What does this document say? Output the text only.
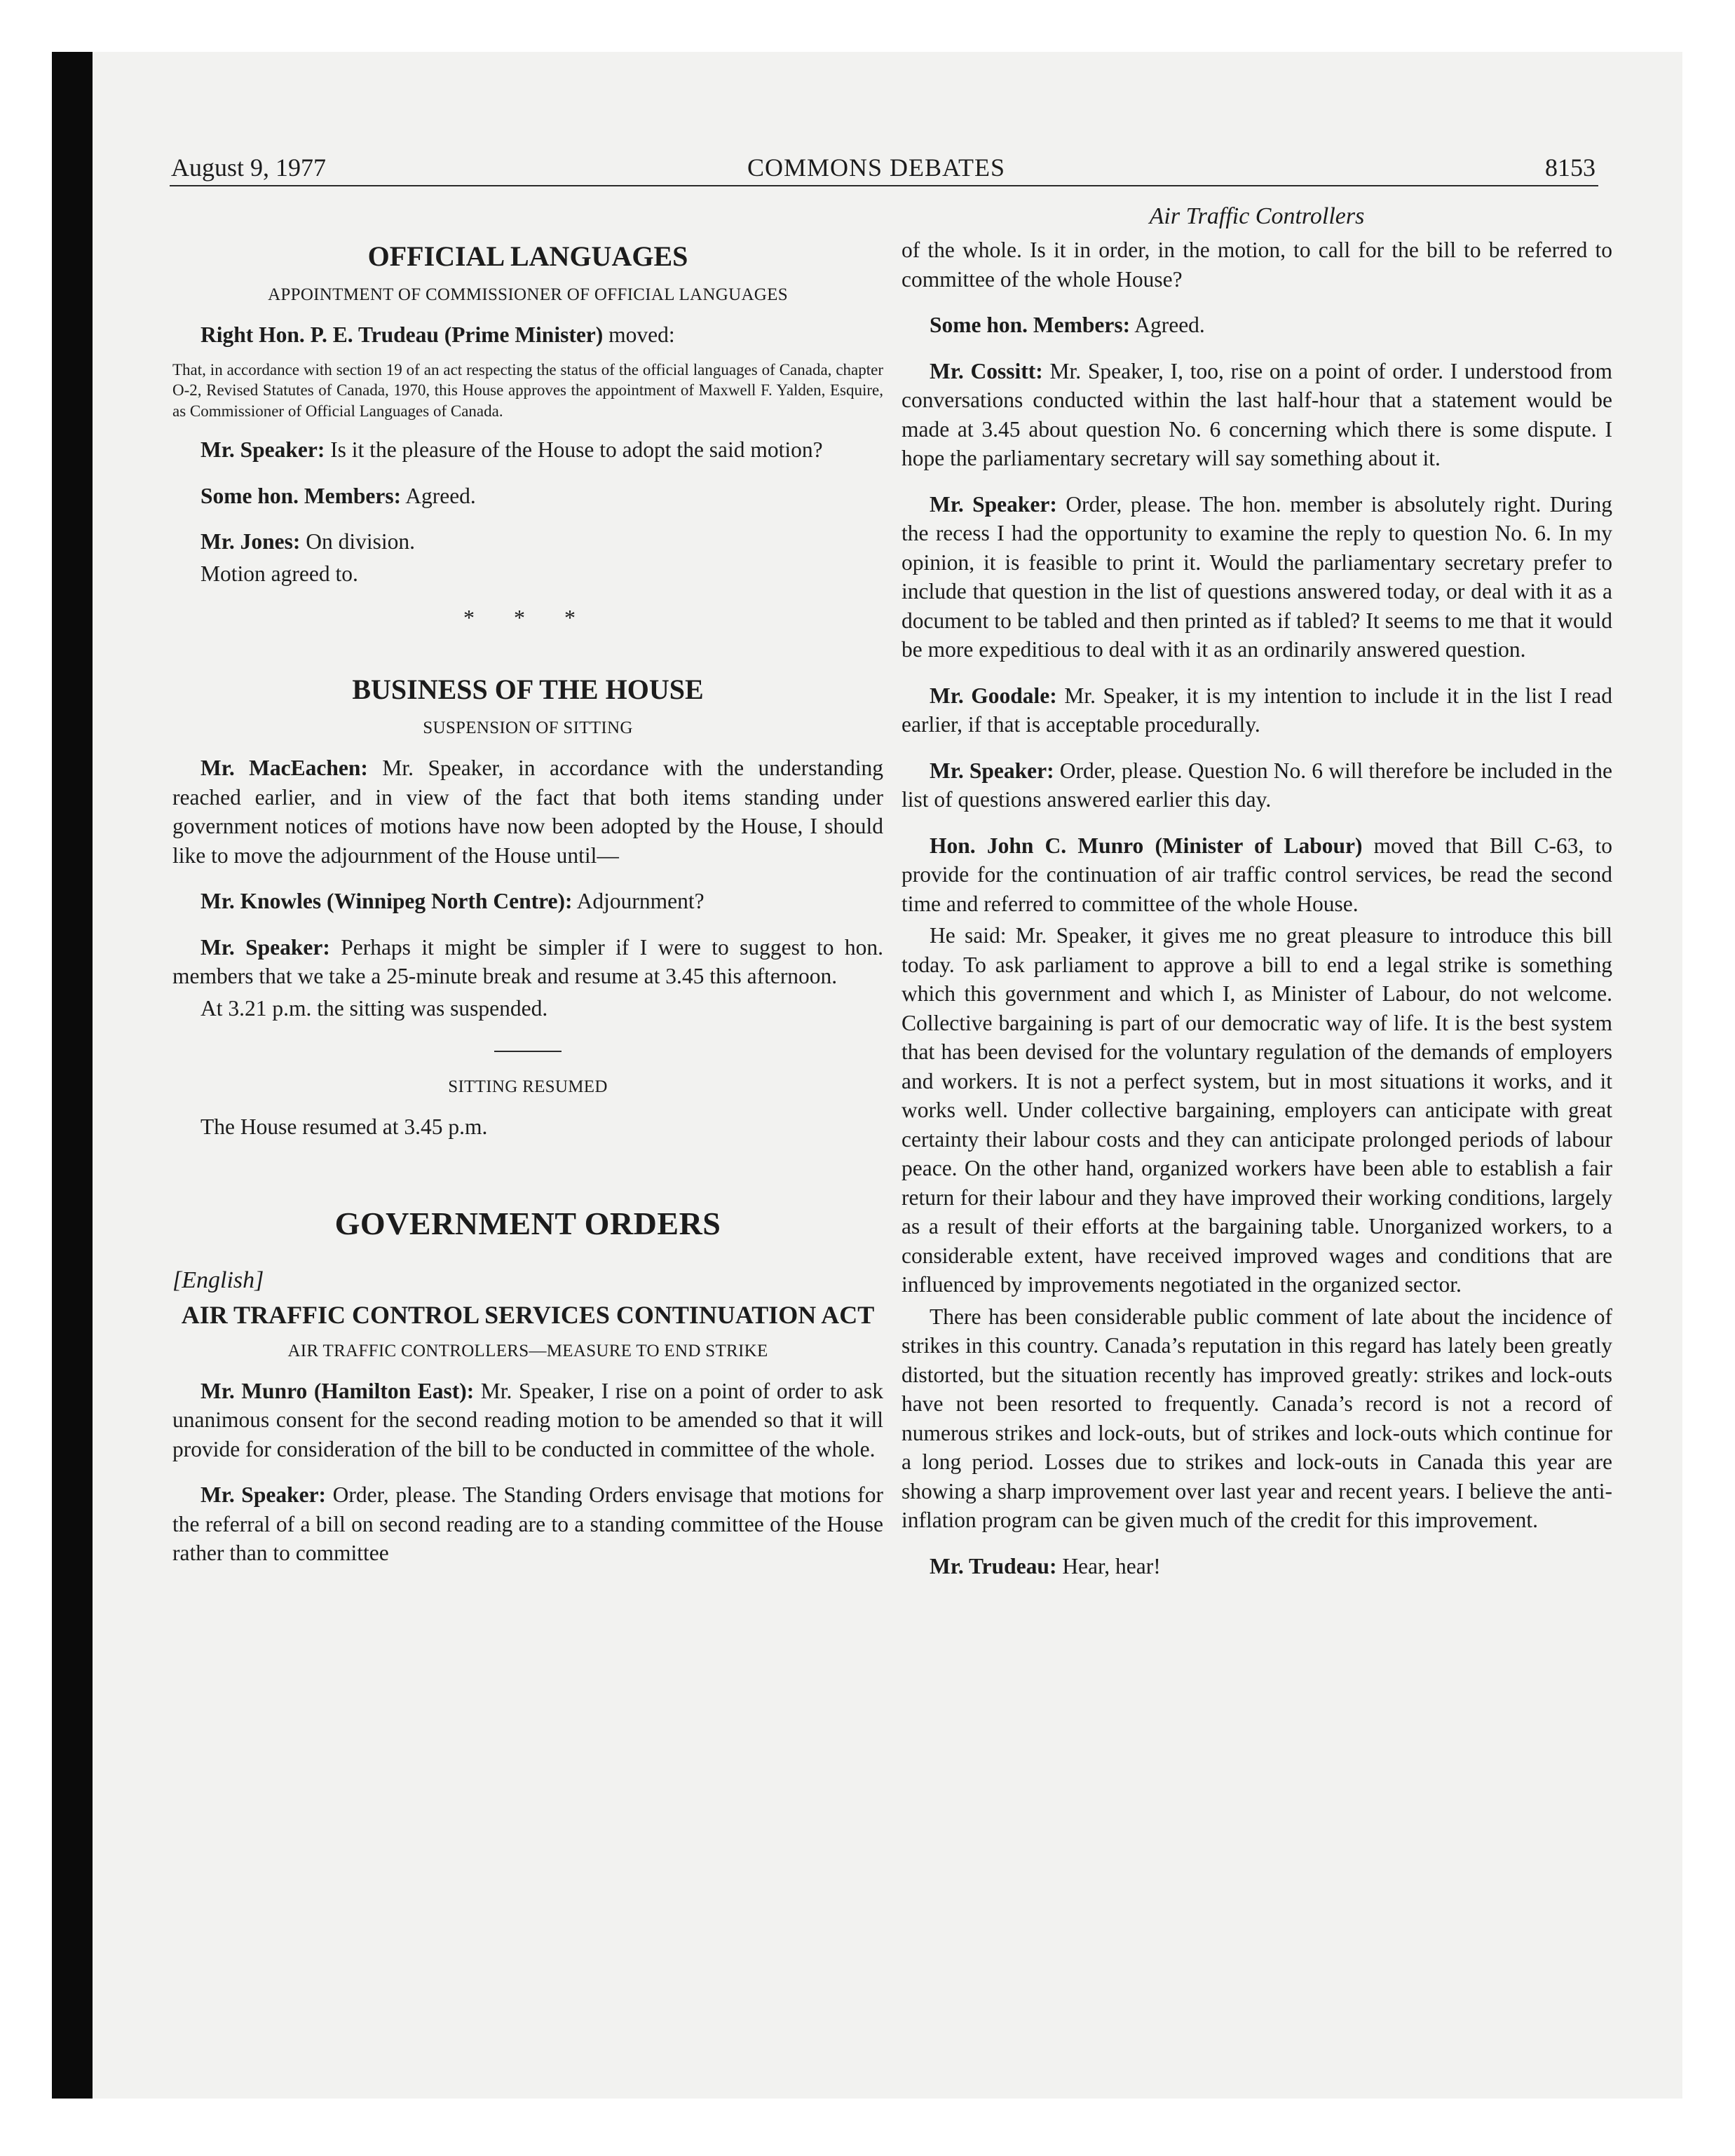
August 9, 1977	COMMONS DEBATES	8153
OFFICIAL LANGUAGES
APPOINTMENT OF COMMISSIONER OF OFFICIAL LANGUAGES

Right Hon. P. E. Trudeau (Prime Minister) moved:

That, in accordance with section 19 of an act respecting the status of the official languages of Canada, chapter O-2, Revised Statutes of Canada, 1970, this House approves the appointment of Maxwell F. Yalden, Esquire, as Commissioner of Official Languages of Canada.

Mr. Speaker: Is it the pleasure of the House to adopt the said motion?

Some hon. Members: Agreed.

Mr. Jones: On division.

Motion agreed to.

* * *
BUSINESS OF THE HOUSE
SUSPENSION OF SITTING

Mr. MacEachen: Mr. Speaker, in accordance with the understanding reached earlier, and in view of the fact that both items standing under government notices of motions have now been adopted by the House, I should like to move the adjournment of the House until—

Mr. Knowles (Winnipeg North Centre): Adjournment?

Mr. Speaker: Perhaps it might be simpler if I were to suggest to hon. members that we take a 25-minute break and resume at 3.45 this afternoon.

At 3.21 p.m. the sitting was suspended.

SITTING RESUMED

The House resumed at 3.45 p.m.

GOVERNMENT ORDERS
[English]
AIR TRAFFIC CONTROL SERVICES CONTINUATION ACT
AIR TRAFFIC CONTROLLERS—MEASURE TO END STRIKE

Mr. Munro (Hamilton East): Mr. Speaker, I rise on a point of order to ask unanimous consent for the second reading motion to be amended so that it will provide for consideration of the bill to be conducted in committee of the whole.

Mr. Speaker: Order, please. The Standing Orders envisage that motions for the referral of a bill on second reading are to a standing committee of the House rather than to committee

Air Traffic Controllers

of the whole. Is it in order, in the motion, to call for the bill to be referred to committee of the whole House?

Some hon. Members: Agreed.

Mr. Cossitt: Mr. Speaker, I, too, rise on a point of order. I understood from conversations conducted within the last half-hour that a statement would be made at 3.45 about question No. 6 concerning which there is some dispute. I hope the parliamentary secretary will say something about it.

Mr. Speaker: Order, please. The hon. member is absolutely right. During the recess I had the opportunity to examine the reply to question No. 6. In my opinion, it is feasible to print it. Would the parliamentary secretary prefer to include that question in the list of questions answered today, or deal with it as a document to be tabled and then printed as if tabled? It seems to me that it would be more expeditious to deal with it as an ordinarily answered question.

Mr. Goodale: Mr. Speaker, it is my intention to include it in the list I read earlier, if that is acceptable procedurally.

Mr. Speaker: Order, please. Question No. 6 will therefore be included in the list of questions answered earlier this day.

Hon. John C. Munro (Minister of Labour) moved that Bill C-63, to provide for the continuation of air traffic control services, be read the second time and referred to committee of the whole House.

He said: Mr. Speaker, it gives me no great pleasure to introduce this bill today. To ask parliament to approve a bill to end a legal strike is something which this government and which I, as Minister of Labour, do not welcome. Collective bargaining is part of our democratic way of life. It is the best system that has been devised for the voluntary regulation of the demands of employers and workers. It is not a perfect system, but in most situations it works, and it works well. Under collective bargaining, employers can anticipate with great certainty their labour costs and they can anticipate prolonged periods of labour peace. On the other hand, organized workers have been able to establish a fair return for their labour and they have improved their working conditions, largely as a result of their efforts at the bargaining table. Unorganized workers, to a considerable extent, have received improved wages and conditions that are influenced by improvements negotiated in the organized sector.

There has been considerable public comment of late about the incidence of strikes in this country. Canada’s reputation in this regard has lately been greatly distorted, but the situation recently has improved greatly: strikes and lock-outs have not been resorted to frequently. Canada’s record is not a record of numerous strikes and lock-outs, but of strikes and lock-outs which continue for a long period. Losses due to strikes and lock-outs in Canada this year are showing a sharp improvement over last year and recent years. I believe the anti-inflation program can be given much of the credit for this improvement.

Mr. Trudeau: Hear, hear!
